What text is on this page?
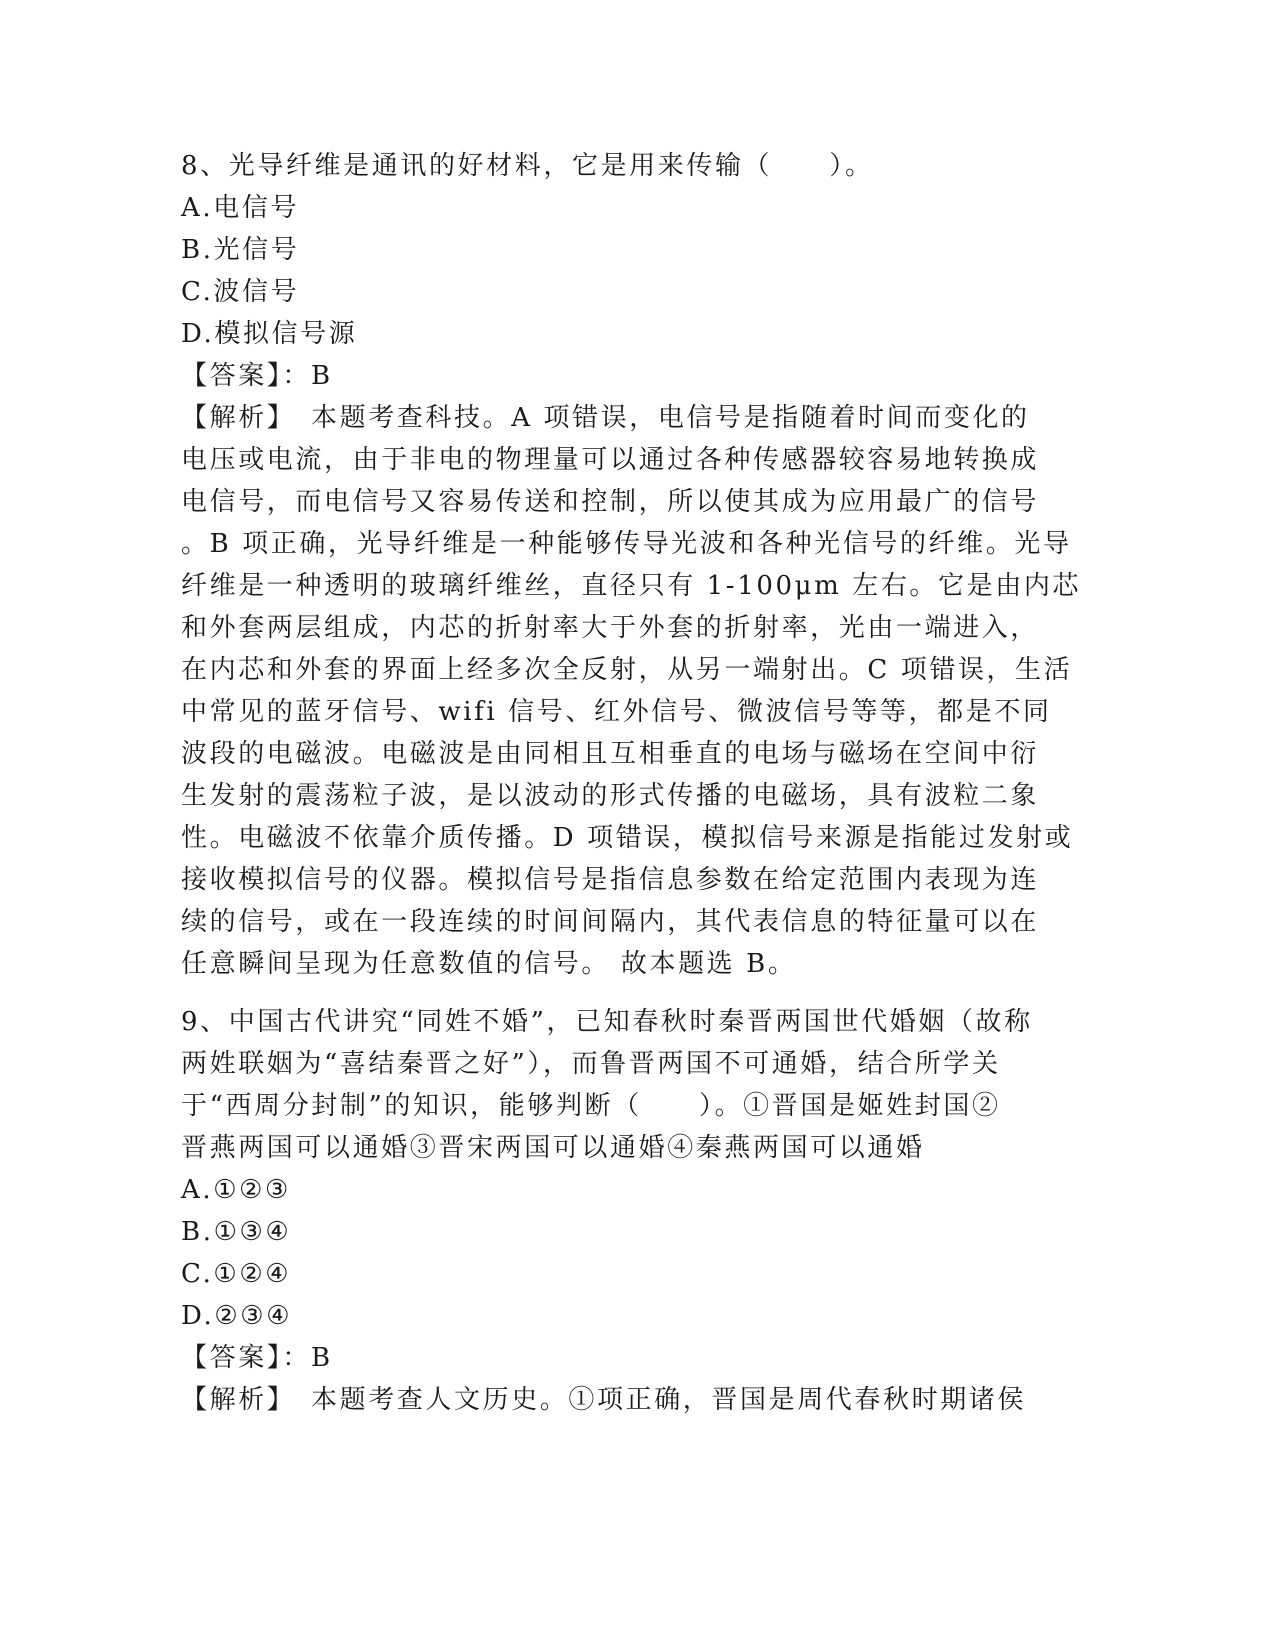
8、光导纤维是通讯的好材料，它是用来传输（　　）。
A.电信号
B.光信号
C.波信号
D.模拟信号源
【答案】：B
【解析】　本题考查科技。A 项错误，电信号是指随着时间而变化的
电压或电流，由于非电的物理量可以通过各种传感器较容易地转换成
电信号，而电信号又容易传送和控制，所以使其成为应用最广的信号
。B 项正确，光导纤维是一种能够传导光波和各种光信号的纤维。光导
纤维是一种透明的玻璃纤维丝，直径只有 1-100μm 左右。它是由内芯
和外套两层组成，内芯的折射率大于外套的折射率，光由一端进入，
在内芯和外套的界面上经多次全反射，从另一端射出。C 项错误，生活
中常见的蓝牙信号、wifi 信号、红外信号、微波信号等等，都是不同
波段的电磁波。电磁波是由同相且互相垂直的电场与磁场在空间中衍
生发射的震荡粒子波，是以波动的形式传播的电磁场，具有波粒二象
性。电磁波不依靠介质传播。D 项错误，模拟信号来源是指能过发射或
接收模拟信号的仪器。模拟信号是指信息参数在给定范围内表现为连
续的信号，或在一段连续的时间间隔内，其代表信息的特征量可以在
任意瞬间呈现为任意数值的信号。 故本题选 B。
9、中国古代讲究“同姓不婚”，已知春秋时秦晋两国世代婚姻（故称
两姓联姻为“喜结秦晋之好”），而鲁晋两国不可通婚，结合所学关
于“西周分封制”的知识，能够判断（　　）。①晋国是姬姓封国②
晋燕两国可以通婚③晋宋两国可以通婚④秦燕两国可以通婚
A.①②③
B.①③④
C.①②④
D.②③④
【答案】：B
【解析】　本题考查人文历史。①项正确，晋国是周代春秋时期诸侯
